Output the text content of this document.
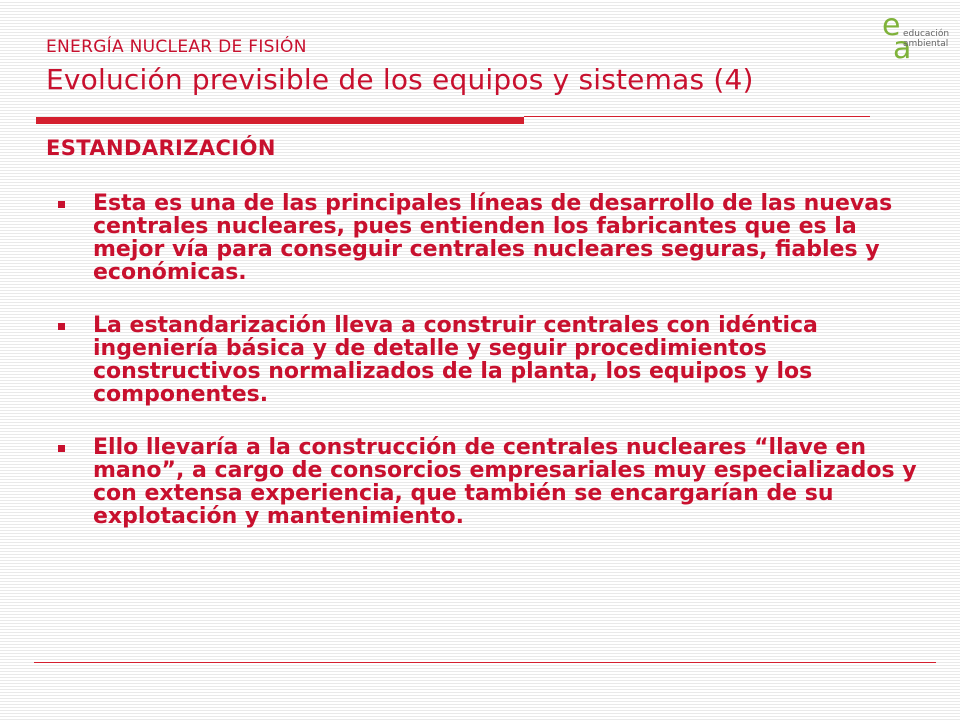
ENERGÍA NUCLEAR DE FISIÓN
Evolución previsible de los equipos y sistemas (4)
e
a
educación
ambiental
ESTANDARIZACIÓN
Esta es una de las principales líneas de desarrollo de las nuevas centrales nucleares, pues entienden los fabricantes que es la mejor vía para conseguir centrales nucleares seguras, fiables y económicas.
La estandarización lleva a construir centrales con idéntica ingeniería básica y de detalle y seguir procedimientos constructivos normalizados de la planta, los equipos y los componentes.
Ello llevaría a la construcción de centrales nucleares “llave en mano”, a cargo de consorcios empresariales muy especializados y con extensa experiencia, que también se encargarían de su explotación y mantenimiento.
